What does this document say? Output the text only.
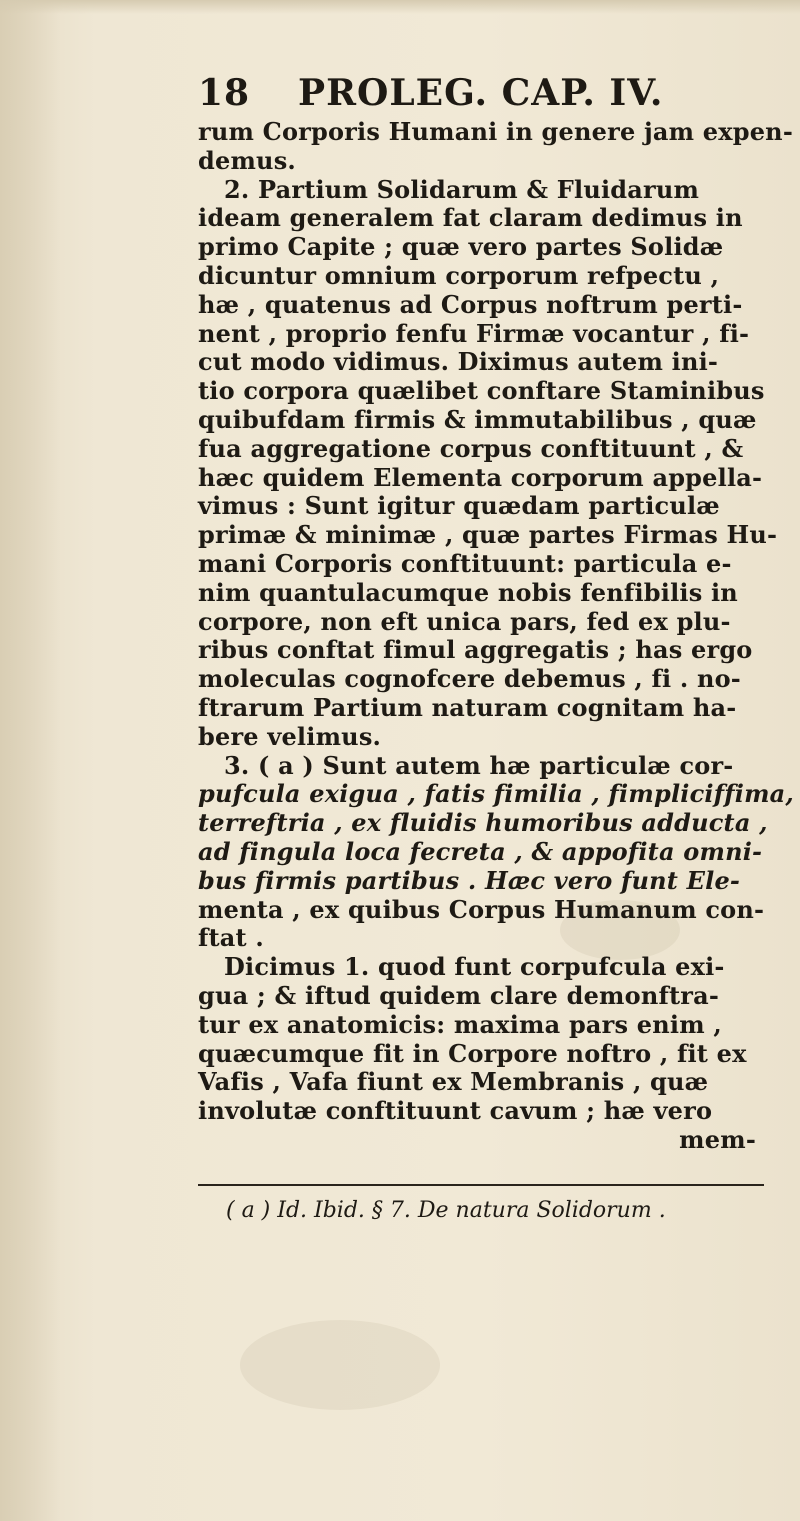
18 PROLEG. CAP. IV.
rum Corporis Humani in genere jam expen-
demus.
2. Partium Solidarum & Fluidarum
ideam generalem fat claram dedimus in
primo Capite ; quæ vero partes Solidæ
dicuntur omnium corporum refpectu ,
hæ , quatenus ad Corpus noftrum perti-
nent , proprio fenfu Firmæ vocantur , fi-
cut modo vidimus. Diximus autem ini-
tio corpora quælibet conftare Staminibus
quibufdam firmis & immutabilibus , quæ
fua aggregatione corpus conftituunt , &
hæc quidem Elementa corporum appella-
vimus : Sunt igitur quædam particulæ
primæ & minimæ , quæ partes Firmas Hu-
mani Corporis conftituunt: particula e-
nim quantulacumque nobis fenfibilis in
corpore, non eft unica pars, fed ex plu-
ribus conftat fimul aggregatis ; has ergo
moleculas cognofcere debemus , fi . no-
ftrarum Partium naturam cognitam ha-
bere velimus.
3. ( a ) Sunt autem hæ particulæ cor-
pufcula exigua , fatis fimilia , fimpliciffima,
terreftria , ex fluidis humoribus adducta ,
ad fingula loca fecreta , & appofita omni-
bus firmis partibus . Hæc vero funt Ele-
menta , ex quibus Corpus Humanum con-
ftat .
Dicimus 1. quod funt corpufcula exi-
gua ; & iftud quidem clare demonftra-
tur ex anatomicis: maxima pars enim ,
quæcumque fit in Corpore noftro , fit ex
Vafis , Vafa fiunt ex Membranis , quæ
involutæ conftituunt cavum ; hæ vero
mem-
( a ) Id. Ibid. § 7. De natura Solidorum .
